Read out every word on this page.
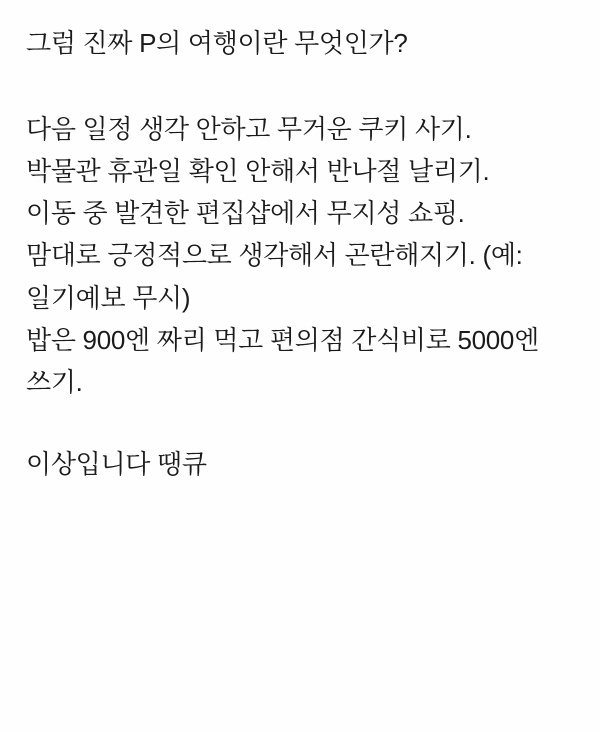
그럼 진짜 P의 여행이란 무엇인가?

다음 일정 생각 안하고 무거운 쿠키 사기.
박물관 휴관일 확인 안해서 반나절 날리기.
이동 중 발견한 편집샵에서 무지성 쇼핑.
맘대로 긍정적으로 생각해서 곤란해지기. (예: 일기예보 무시)
밥은 900엔 짜리 먹고 편의점 간식비로 5000엔 쓰기.

이상입니다 땡큐
